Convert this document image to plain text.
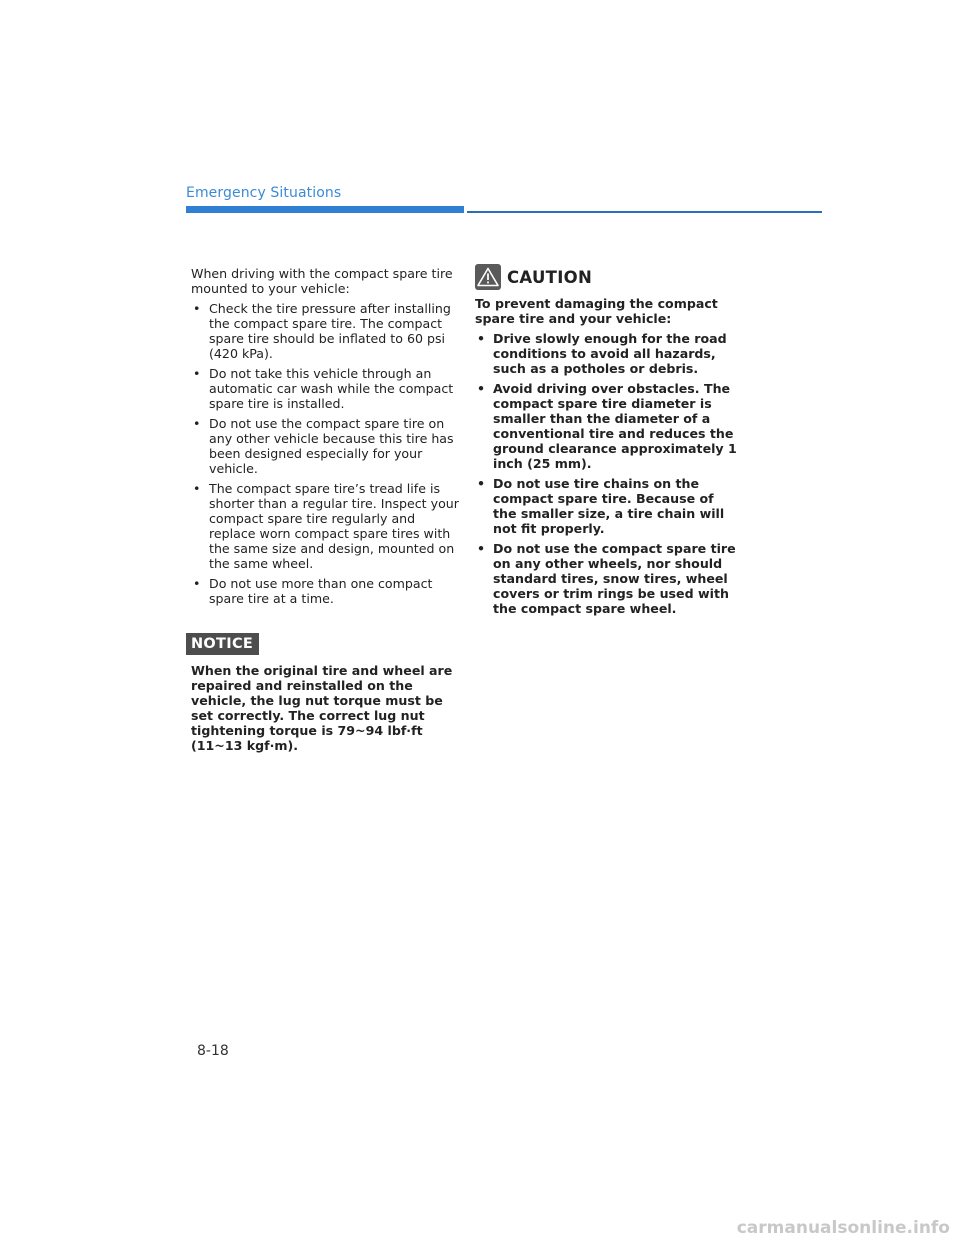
Emergency Situations

When driving with the compact spare tire mounted to your vehicle:

• Check the tire pressure after installing the compact spare tire. The compact spare tire should be inflated to 60 psi (420 kPa).
• Do not take this vehicle through an automatic car wash while the compact spare tire is installed.
• Do not use the compact spare tire on any other vehicle because this tire has been designed especially for your vehicle.
• The compact spare tire’s tread life is shorter than a regular tire. Inspect your compact spare tire regularly and replace worn compact spare tires with the same size and design, mounted on the same wheel.
• Do not use more than one compact spare tire at a time.
NOTICE

When the original tire and wheel are repaired and reinstalled on the vehicle, the lug nut torque must be set correctly. The correct lug nut tightening torque is 79~94 lbf·ft (11~13 kgf·m).

CAUTION

To prevent damaging the compact spare tire and your vehicle:

• Drive slowly enough for the road conditions to avoid all hazards, such as a potholes or debris.
• Avoid driving over obstacles. The compact spare tire diameter is smaller than the diameter of a conventional tire and reduces the ground clearance approximately 1 inch (25 mm).
• Do not use tire chains on the compact spare tire. Because of the smaller size, a tire chain will not fit properly.
• Do not use the compact spare tire on any other wheels, nor should standard tires, snow tires, wheel covers or trim rings be used with the compact spare wheel.
8-18
carmanualsonline.info
